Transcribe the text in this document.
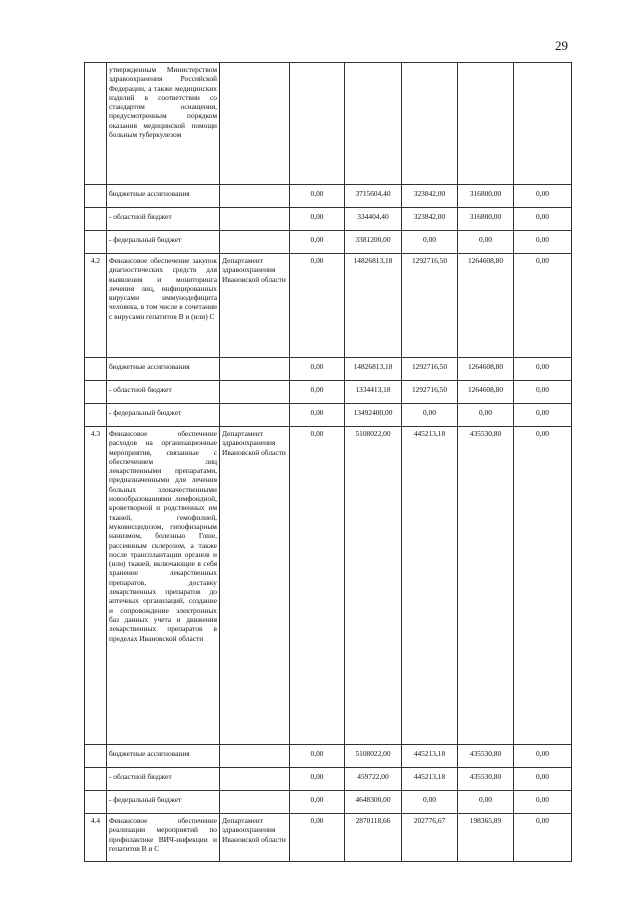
29
	утвержденным Министерством здравоохранения Российской Федерации, а также медицинских изделий в соответствии со стандартом оснащения, предусмотренным порядком оказания медицинской помощи больным туберкулезом						
	бюджетные ассигнования		0,00	3715604,40	323842,00	316800,00	0,00
	- областной бюджет		0,00	334404,40	323842,00	316800,00	0,00
	- федеральный бюджет		0,00	3381200,00	0,00	0,00	0,00
4.2	Финансовое обеспечение закупок диагностических средств для выявления и мониторинга лечения лиц, инфицированных вирусами иммунодефицита человека, в том числе в сочетании с вирусами гепатитов B и (или) C	Департамент здравоохранения Ивановской области	0,00	14826813,18	1292716,50	1264608,80	0,00
	бюджетные ассигнования		0,00	14826813,18	1292716,50	1264608,80	0,00
	- областной бюджет		0,00	1334413,18	1292716,50	1264608,80	0,00
	- федеральный бюджет		0,00	13492400,00	0,00	0,00	0,00
4.3	Финансовое обеспечение расходов на организационные мероприятия, связанные с обеспечением лиц лекарственными препаратами, предназначенными для лечения больных злокачественными новообразованиями лимфоидной, кроветворной и родственных им тканей, гемофилией, муковисцидозом, гипофизарным нанизмом, болезнью Гоше, рассеянным склерозом, а также после трансплантации органов и (или) тканей, включающие в себя хранение лекарственных препаратов, доставку лекарственных препаратов до аптечных организаций, создание и сопровождение электронных баз данных учета и движения лекарственных препаратов в пределах Ивановской области	Департамент здравоохранения Ивановской области	0,00	5108022,00	445213,18	435530,80	0,00
	бюджетные ассигнования		0,00	5108022,00	445213,18	435530,80	0,00
	- областной бюджет		0,00	459722,00	445213,18	435530,80	0,00
	- федеральный бюджет		0,00	4648300,00	0,00	0,00	0,00
4.4	Финансовое обеспечение реализации мероприятий по профилактике ВИЧ-инфекции и гепатитов B и C	Департамент здравоохранения Ивановской области	0,00	2870118,66	202776,67	198365,89	0,00
